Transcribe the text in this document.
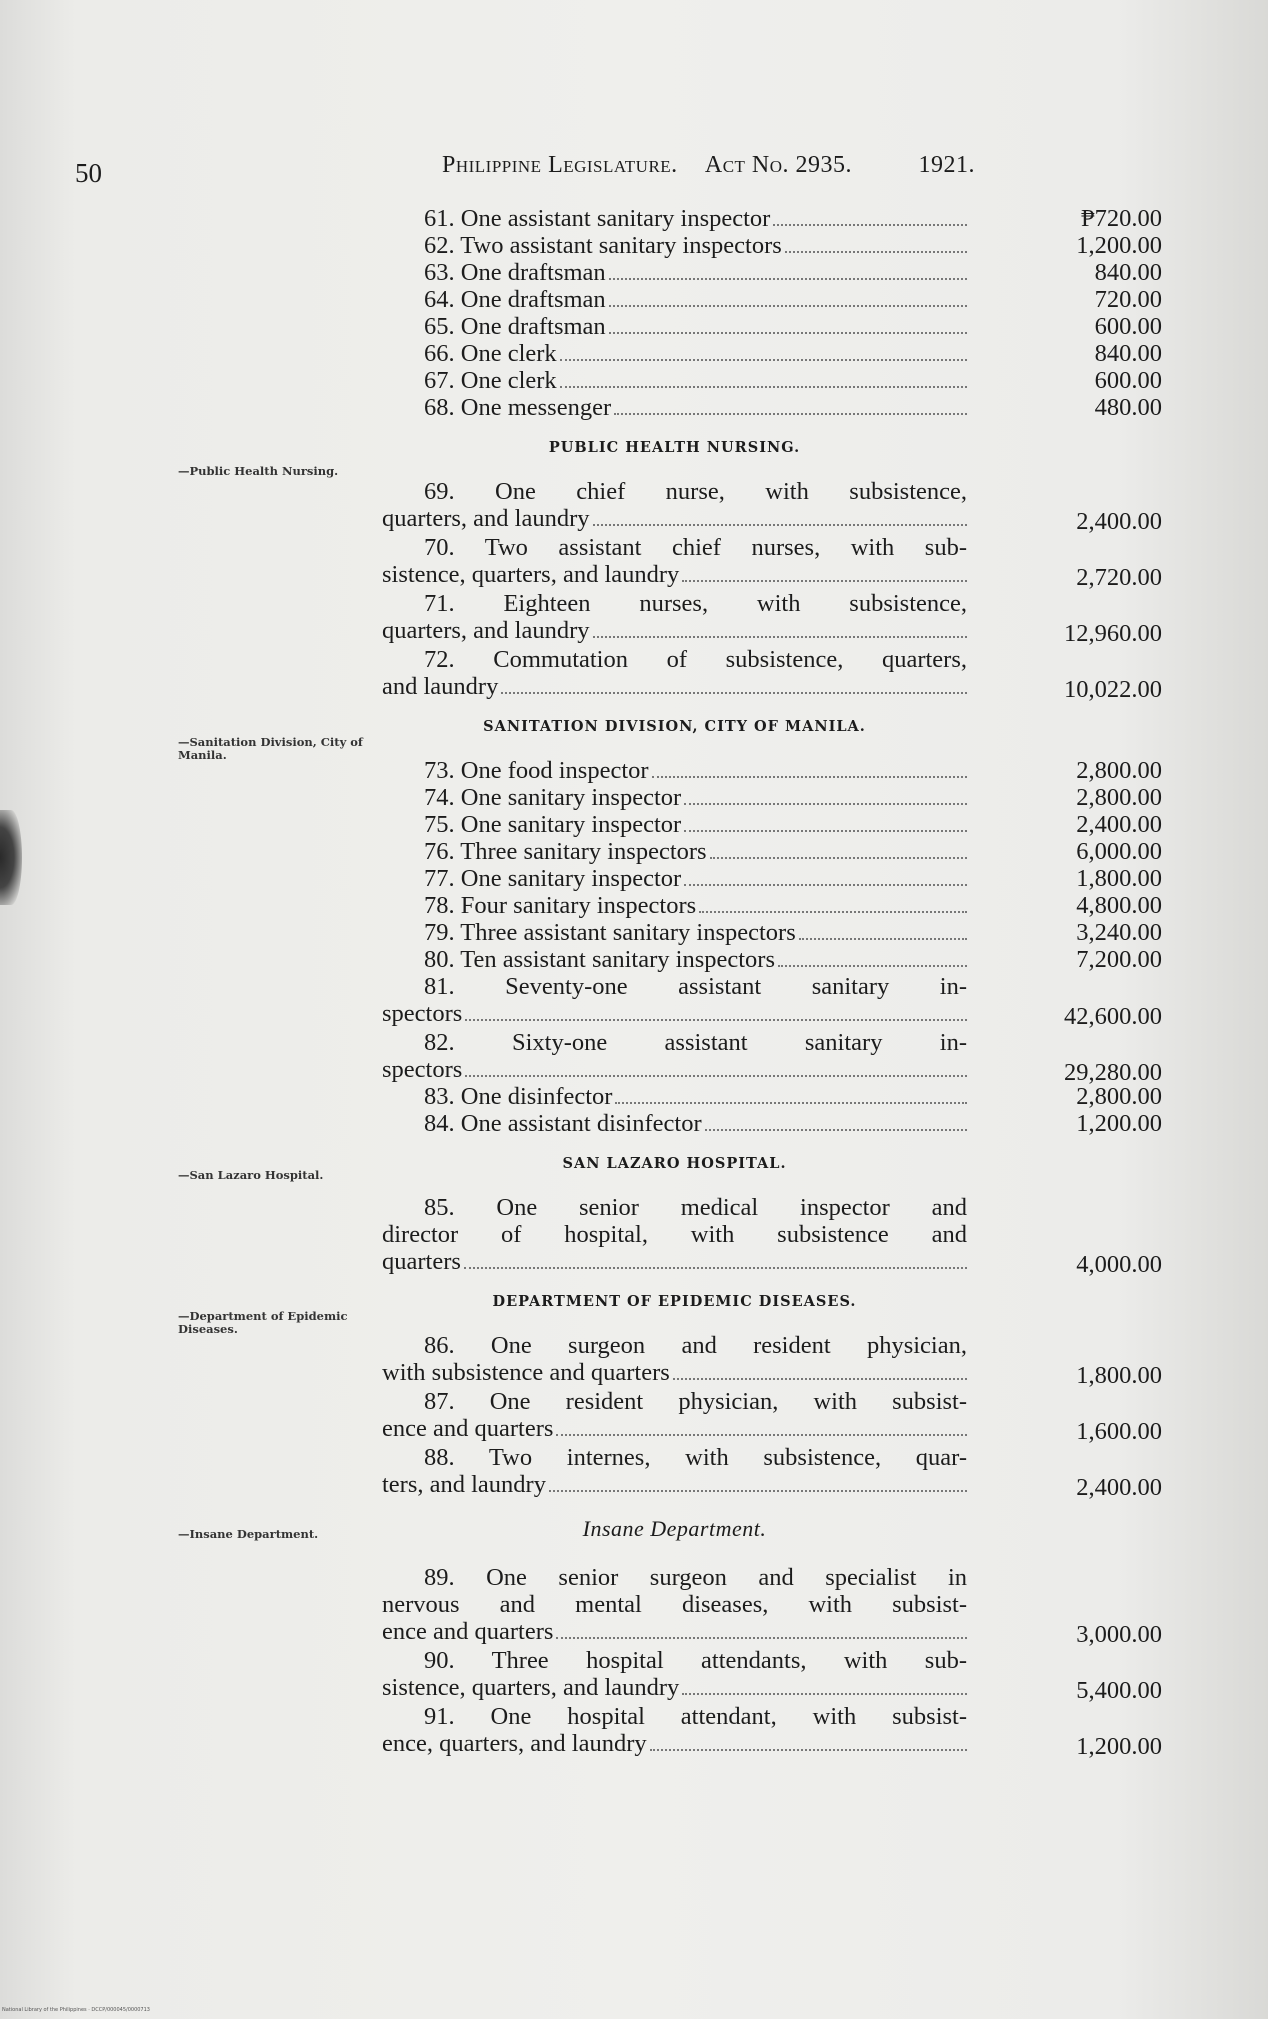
50	Philippine Legislature. Act No. 2935.	1921.
—Public Health Nursing.
—Sanitation Division, City of Manila.
—San Lazaro Hospital.
—Department of Epidemic Diseases.
—Insane Department.
61. One assistant sanitary inspector	₱720.00
62. Two assistant sanitary inspectors	1,200.00
63. One draftsman	840.00
64. One draftsman	720.00
65. One draftsman	600.00
66. One clerk	840.00
67. One clerk	600.00
68. One messenger	480.00
PUBLIC HEALTH NURSING.
69. One chief nurse, with subsistence,
quarters, and laundry	2,400.00
70. Two assistant chief nurses, with sub-
sistence, quarters, and laundry	2,720.00
71. Eighteen nurses, with subsistence,
quarters, and laundry	12,960.00
72. Commutation of subsistence, quarters,
and laundry	10,022.00
SANITATION DIVISION, CITY OF MANILA.
73. One food inspector	2,800.00
74. One sanitary inspector	2,800.00
75. One sanitary inspector	2,400.00
76. Three sanitary inspectors	6,000.00
77. One sanitary inspector	1,800.00
78. Four sanitary inspectors	4,800.00
79. Three assistant sanitary inspectors	3,240.00
80. Ten assistant sanitary inspectors	7,200.00
81. Seventy-one assistant sanitary in-
spectors	42,600.00
82. Sixty-one assistant sanitary in-
spectors	29,280.00
83. One disinfector	2,800.00
84. One assistant disinfector	1,200.00
SAN LAZARO HOSPITAL.
85. One senior medical inspector and
director of hospital, with subsistence and
quarters	4,000.00
DEPARTMENT OF EPIDEMIC DISEASES.
86. One surgeon and resident physician,
with subsistence and quarters	1,800.00
87. One resident physician, with subsist-
ence and quarters	1,600.00
88. Two internes, with subsistence, quar-
ters, and laundry	2,400.00
Insane Department.
89. One senior surgeon and specialist in
nervous and mental diseases, with subsist-
ence and quarters	3,000.00
90. Three hospital attendants, with sub-
sistence, quarters, and laundry	5,400.00
91. One hospital attendant, with subsist-
ence, quarters, and laundry	1,200.00
National Library of the Philippines · DCCP/000045/0000713
